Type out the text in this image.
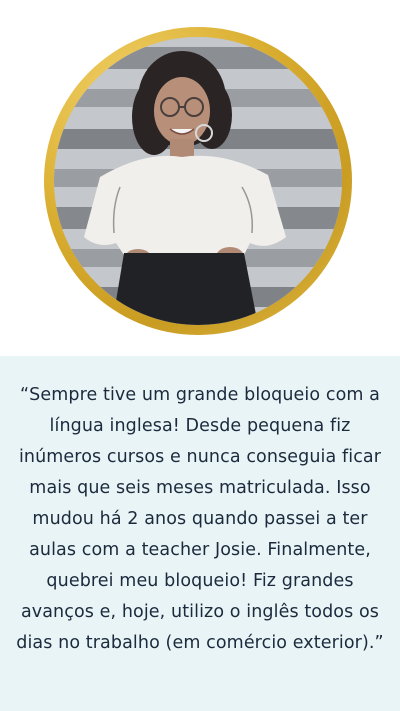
“Sempre tive um grande bloqueio com a língua inglesa! Desde pequena fiz inúmeros cursos e nunca conseguia ficar mais que seis meses matriculada. Isso mudou há 2 anos quando passei a ter aulas com a teacher Josie. Finalmente, quebrei meu bloqueio! Fiz grandes avanços e, hoje, utilizo o inglês todos os dias no trabalho (em comércio exterior).”
